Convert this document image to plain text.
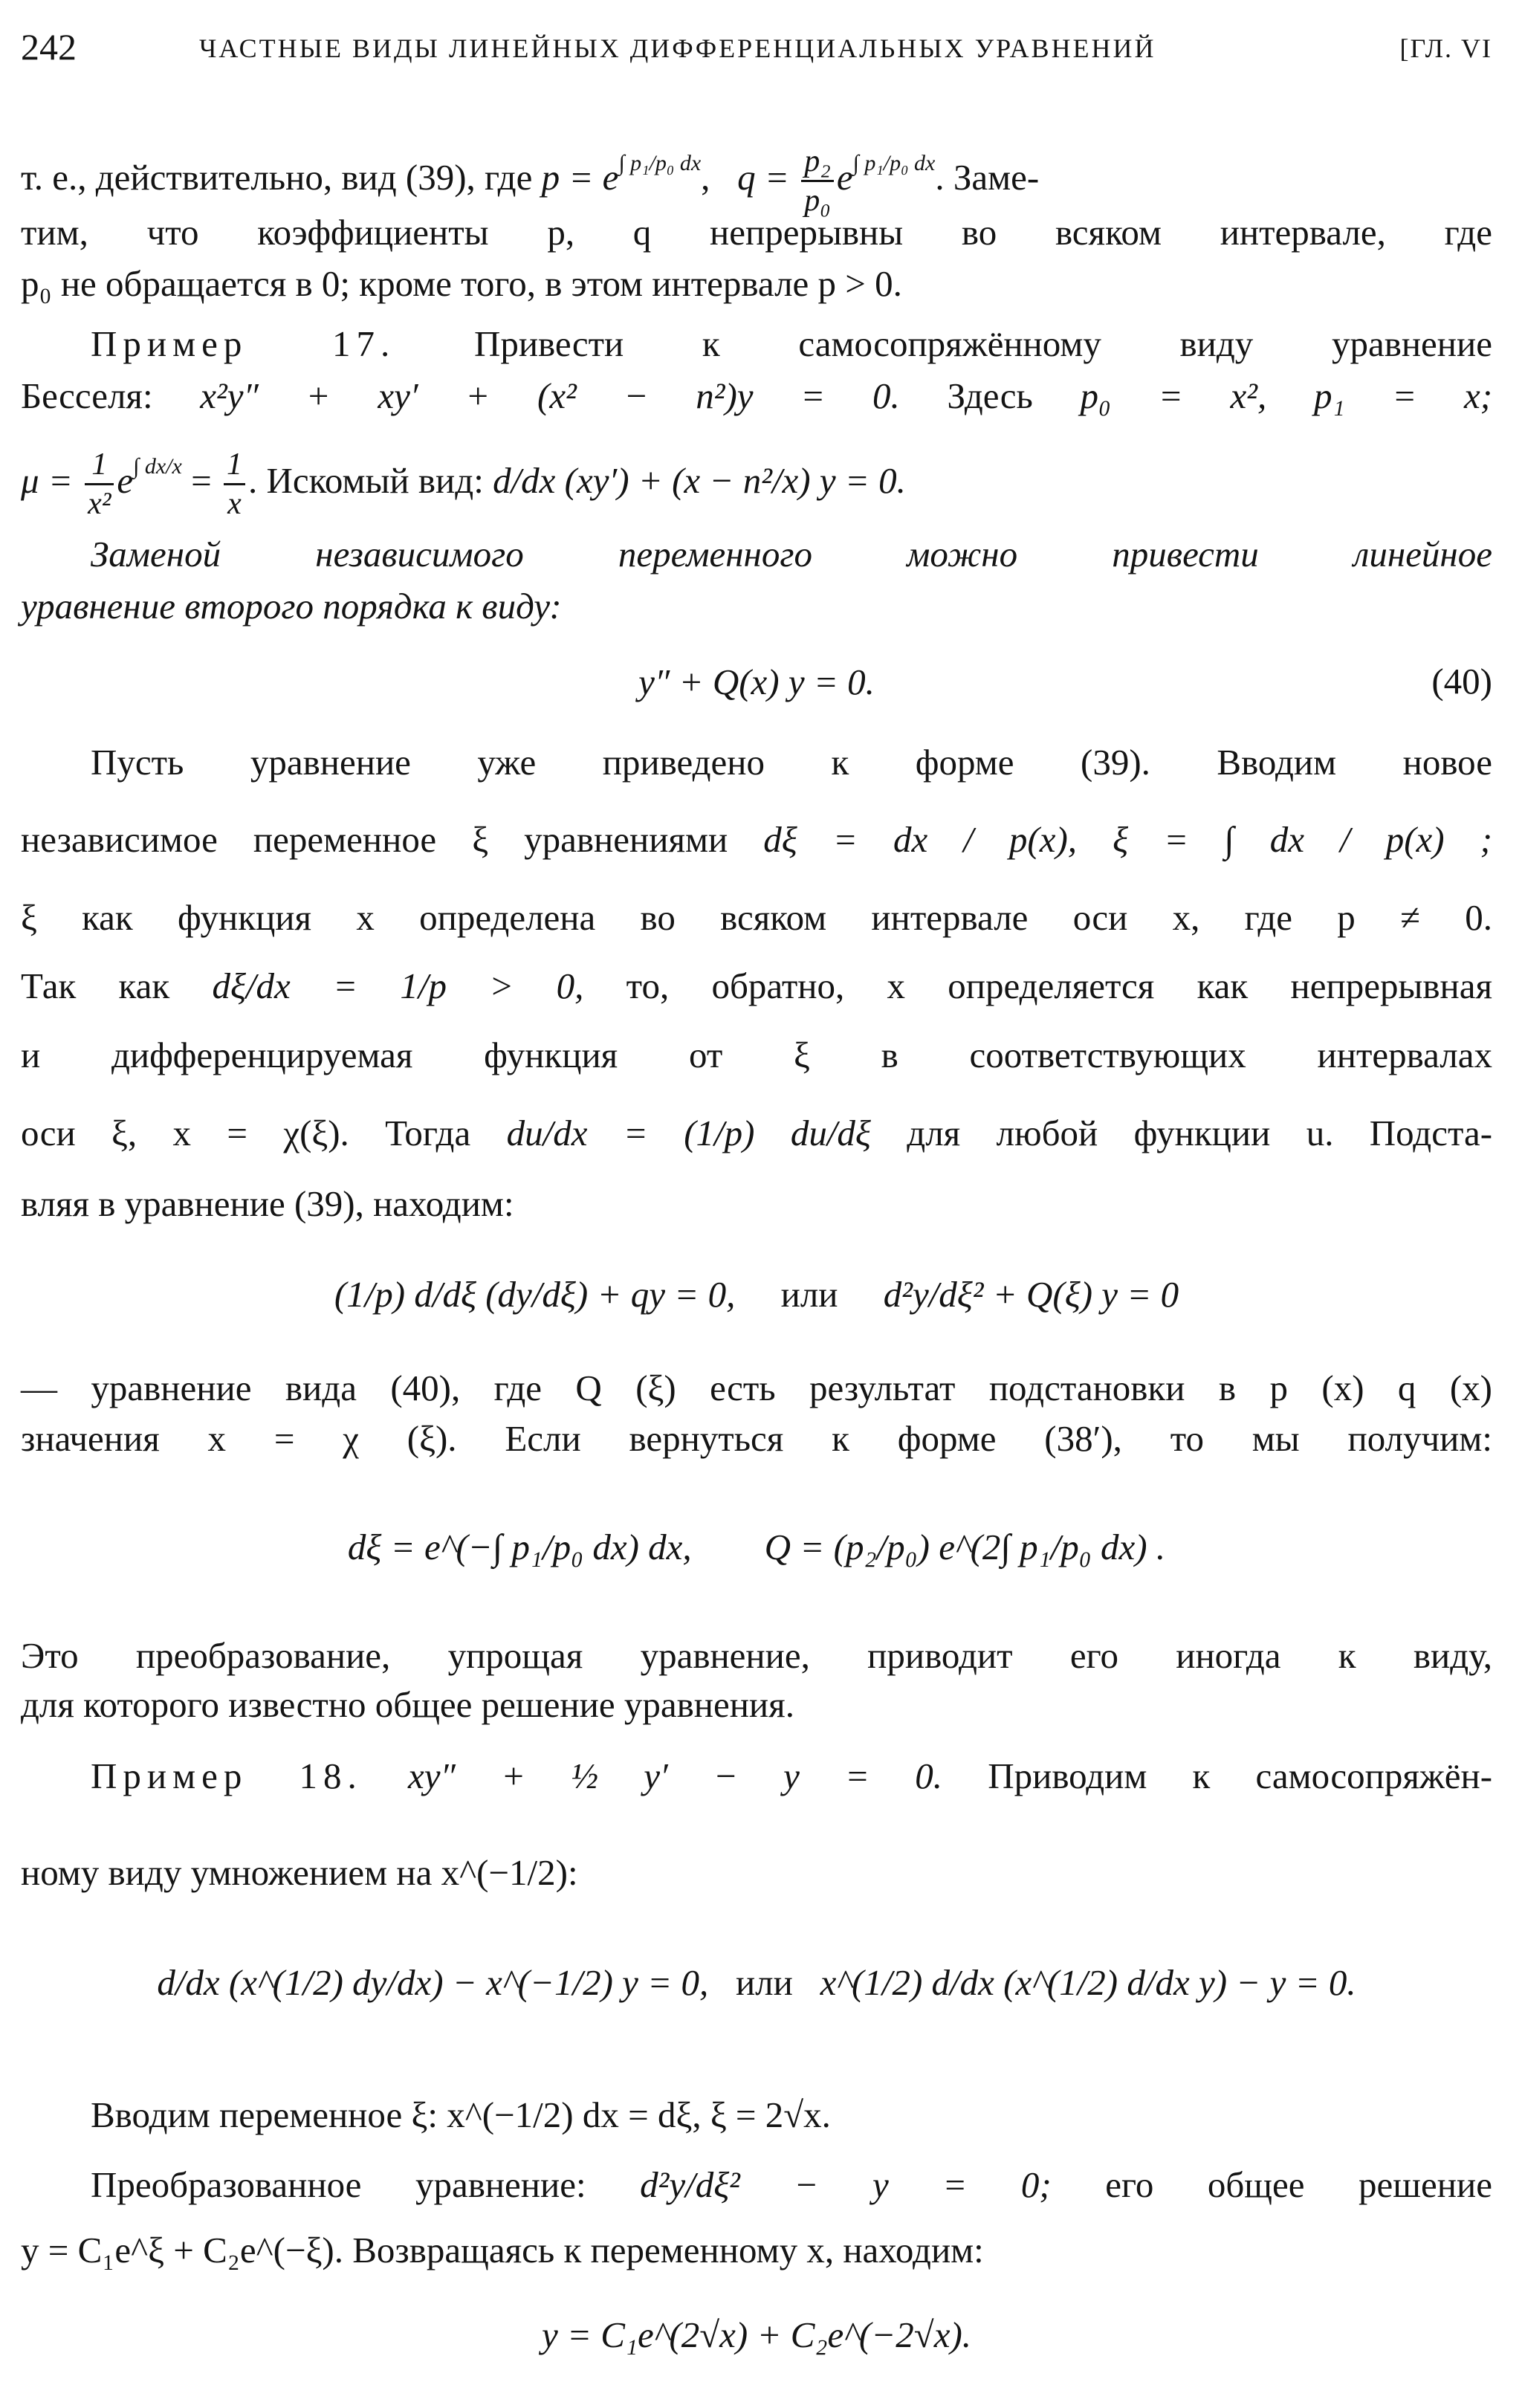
242	ЧАСТНЫЕ ВИДЫ ЛИНЕЙНЫХ ДИФФЕРЕНЦИАЛЬНЫХ УРАВНЕНИЙ	[ГЛ. VI
т. е., действительно, вид (39), где $p = e^{\int p_1/p_0 dx}$,   $q = \frac{\text{p₂}}{\text{p₀}} e^{\int p_1/p_0 dx}$. Заме-
тим, что коэффициенты p, q непрерывны во всяком интервале, где
p₀ не обращается в 0; кроме того, в этом интервале p > 0.
Пример 17. Привести к самосопряжённому виду уравнение
Бесселя: x²y″ + xy′ + (x² − n²)y = 0. Здесь p₀ = x², p₁ = x;
$\mu = \frac{1}{\text{x²}} e^{\int dx/x} = \frac{1}{x}$ . Искомый вид: d/dx (xy′) + (x − n²/x) y = 0.
Заменой независимого переменного можно привести линейное
уравнение второго порядка к виду:
y″ + Q(x) y = 0.	(40)
Пусть уравнение уже приведено к форме (39). Вводим новое
независимое переменное ξ уравнениями dξ = dx / p(x), ξ = ∫ dx / p(x) ;
ξ как функция x определена во всяком интервале оси x, где p ≠ 0.
Так как dξ/dx = 1/p > 0, то, обратно, x определяется как непрерывная
и дифференцируемая функция от ξ в соответствующих интервалах
оси ξ, x = χ(ξ). Тогда du/dx = (1/p) du/dξ для любой функции u. Подста-
вляя в уравнение (39), находим:
(1/p) d/dξ (dy/dξ) + qy = 0, или d²y/dξ² + Q(ξ) y = 0
— уравнение вида (40), где Q (ξ) есть результат подстановки в p (x) q (x)
значения x = χ (ξ). Если вернуться к форме (38′), то мы получим:
dξ = e^(−∫ p₁/p₀ dx) dx, Q = (p₂/p₀) e^(2∫ p₁/p₀ dx) .
Это преобразование, упрощая уравнение, приводит его иногда к виду,
для которого известно общее решение уравнения.
Пример 18. xy″ + ½ y′ − y = 0. Приводим к самосопряжён-
ному виду умножением на x^(−1/2):
d/dx (x^(1/2) dy/dx) − x^(−1/2) y = 0, или x^(1/2) d/dx (x^(1/2) d/dx y) − y = 0.
Вводим переменное ξ: x^(−1/2) dx = dξ, ξ = 2√x.
Преобразованное уравнение: d²y/dξ² − y = 0; его общее решение
y = C₁e^ξ + C₂e^(−ξ). Возвращаясь к переменному x, находим:
y = C₁e^(2√x) + C₂e^(−2√x).
